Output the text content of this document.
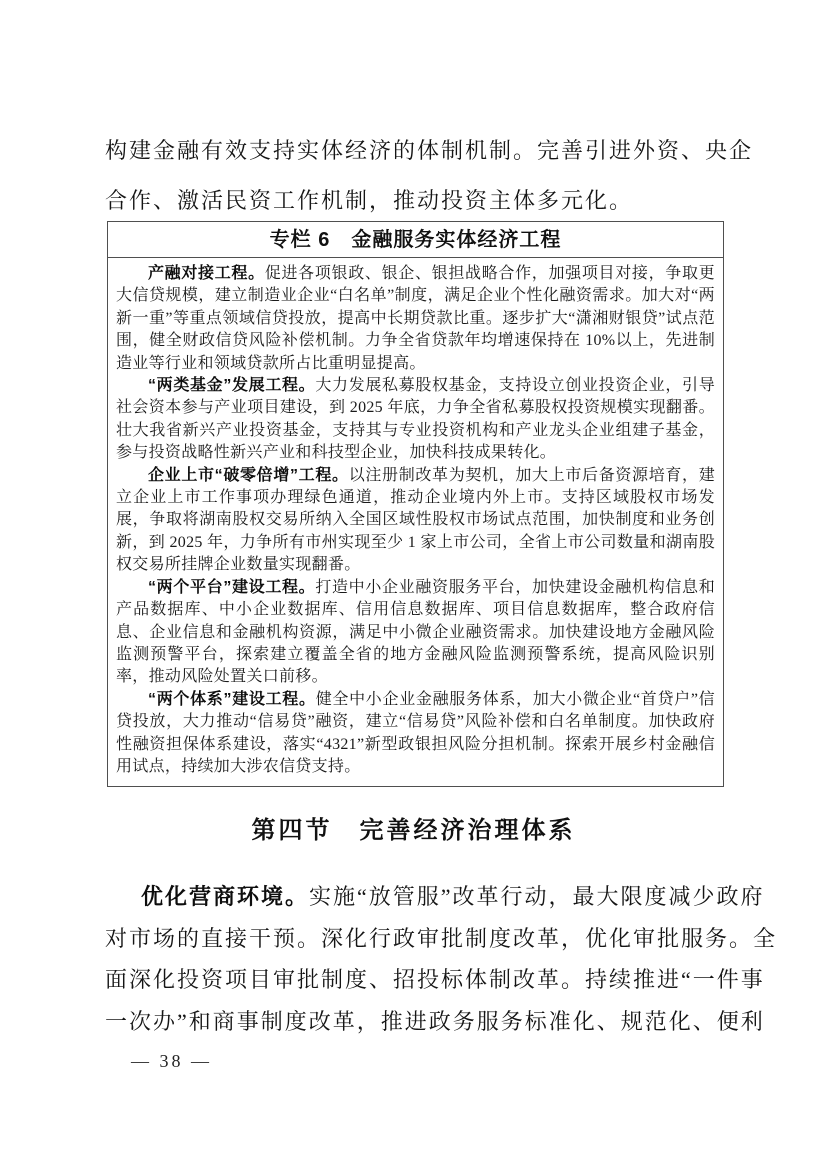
构建金融有效支持实体经济的体制机制。完善引进外资、央企
合作、激活民资工作机制，推动投资主体多元化。
专栏 6　金融服务实体经济工程

产融对接工程。促进各项银政、银企、银担战略合作，加强项目对接，争取更大信贷规模，建立制造业企业“白名单”制度，满足企业个性化融资需求。加大对“两新一重”等重点领域信贷投放，提高中长期贷款比重。逐步扩大“潇湘财银贷”试点范围，健全财政信贷风险补偿机制。力争全省贷款年均增速保持在 10%以上，先进制造业等行业和领域贷款所占比重明显提高。

“两类基金”发展工程。大力发展私募股权基金，支持设立创业投资企业，引导社会资本参与产业项目建设，到 2025 年底，力争全省私募股权投资规模实现翻番。壮大我省新兴产业投资基金，支持其与专业投资机构和产业龙头企业组建子基金，参与投资战略性新兴产业和科技型企业，加快科技成果转化。

企业上市“破零倍增”工程。以注册制改革为契机，加大上市后备资源培育，建立企业上市工作事项办理绿色通道，推动企业境内外上市。支持区域股权市场发展，争取将湖南股权交易所纳入全国区域性股权市场试点范围，加快制度和业务创新，到 2025 年，力争所有市州实现至少 1 家上市公司，全省上市公司数量和湖南股权交易所挂牌企业数量实现翻番。

“两个平台”建设工程。打造中小企业融资服务平台，加快建设金融机构信息和产品数据库、中小企业数据库、信用信息数据库、项目信息数据库，整合政府信息、企业信息和金融机构资源，满足中小微企业融资需求。加快建设地方金融风险监测预警平台，探索建立覆盖全省的地方金融风险监测预警系统，提高风险识别率，推动风险处置关口前移。

“两个体系”建设工程。健全中小企业金融服务体系，加大小微企业“首贷户”信贷投放，大力推动“信易贷”融资，建立“信易贷”风险补偿和白名单制度。加快政府性融资担保体系建设，落实“4321”新型政银担风险分担机制。探索开展乡村金融信用试点，持续加大涉农信贷支持。

第四节　完善经济治理体系
优化营商环境。实施“放管服”改革行动，最大限度减少政府
对市场的直接干预。深化行政审批制度改革，优化审批服务。全
面深化投资项目审批制度、招投标体制改革。持续推进“一件事
一次办”和商事制度改革，推进政务服务标准化、规范化、便利
— 38 —
